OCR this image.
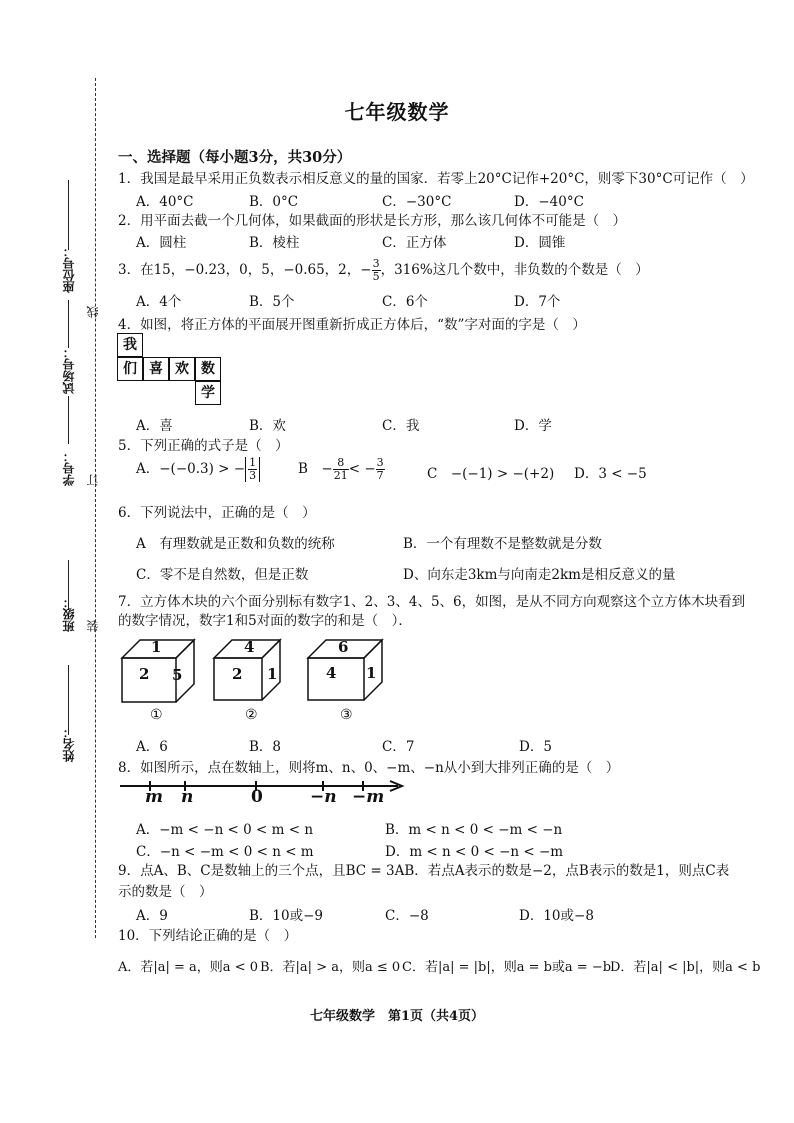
座位号：
试场号：
学号：
班级：
姓名：
线
订
装
七年级数学
一、选择题（每小题3分，共30分）
1．我国是最早采用正负数表示相反意义的量的国家．若零上20°C记作+20°C，则零下30°C可记作（　）
A．40°C	B．0°C	C．−30°C	D．−40°C
2．用平面去截一个几何体，如果截面的形状是长方形，那么该几何体不可能是（　）
A．圆柱	B．棱柱	C．正方体	D．圆锥
3．在15，−0.23，0，5，−0.65，2，− $\frac{3}{5}$ ，316%这几个数中，非负数的个数是（　）
A．4个	B．5个	C．6个	D．7个
4．如图，将正方体的平面展开图重新折成正方体后，“数”字对面的字是（　）
我
们 喜 欢 数
学
A．喜	B．欢	C．我	D．学
5．下列正确的式子是（　）
A．−(−0.3) > − $\frac{1}{3}$	B　− $\frac{8}{21}$ < − $\frac{3}{7}$	C　−(−1) > −(+2) D．3 < −5
6．下列说法中，正确的是（　）
A　有理数就是正数和负数的统称	B．一个有理数不是整数就是分数
C．零不是自然数，但是正数	D、向东走3km与向南走2km是相反意义的量
7．立方体木块的六个面分别标有数字1、2、3、4、5、6，如图，是从不同方向观察这个立方体木块看到
的数字情况，数字1和5对面的数字的和是（　）．
1
2 5
4
2 1
6
4 1
①	②	③
A．6	B．8	C．7	D．5
8．如图所示，点在数轴上，则将m、n、0、−m、−n从小到大排列正确的是（　）
m n	0	−n −m
A．−m < −n < 0 < m < n	B．m < n < 0 < −m < −n
C．−n < −m < 0 < n < m	D．m < n < 0 < −n < −m
9．点A、B、C是数轴上的三个点，且BC = 3AB．若点A表示的数是−2，点B表示的数是1，则点C表
示的数是（　）
A．9	B．10或−9	C．−8	D．10或−8
10．下列结论正确的是（　）
A．若|a| = a，则a < 0 B．若|a| > a，则a ≤ 0 C．若|a| = |b|，则a = b或a = −b
D．若|a| < |b|，则a < b
七年级数学　第1页（共4页）
